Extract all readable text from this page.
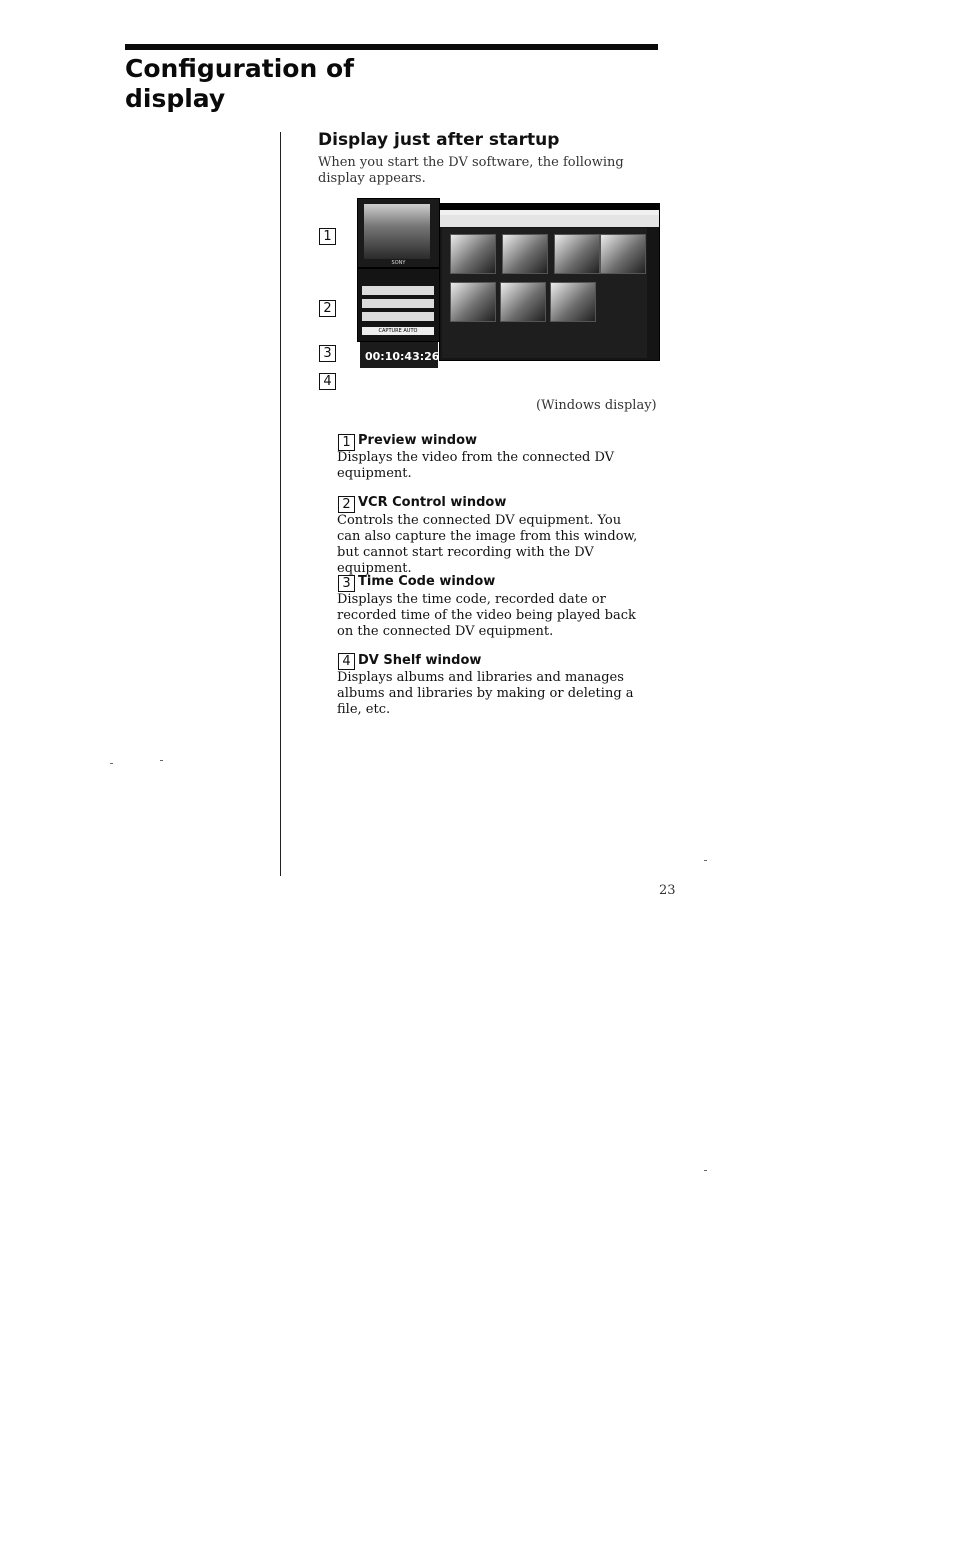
Configuration of display
Display just after startup
When you start the DV software, the following display appears.
1
2
3
4
SONY
CAPTURE AUTO
00:10:43:26
(Windows display)
1 Preview window
Displays the video from the connected DV equipment.
2 VCR Control window
Controls the connected DV equipment. You can also capture the image from this window, but cannot start recording with the DV equipment.
3 Time Code window
Displays the time code, recorded date or recorded time of the video being played back on the connected DV equipment.
4 DV Shelf window
Displays albums and libraries and manages albums and libraries by making or deleting a file, etc.
23
